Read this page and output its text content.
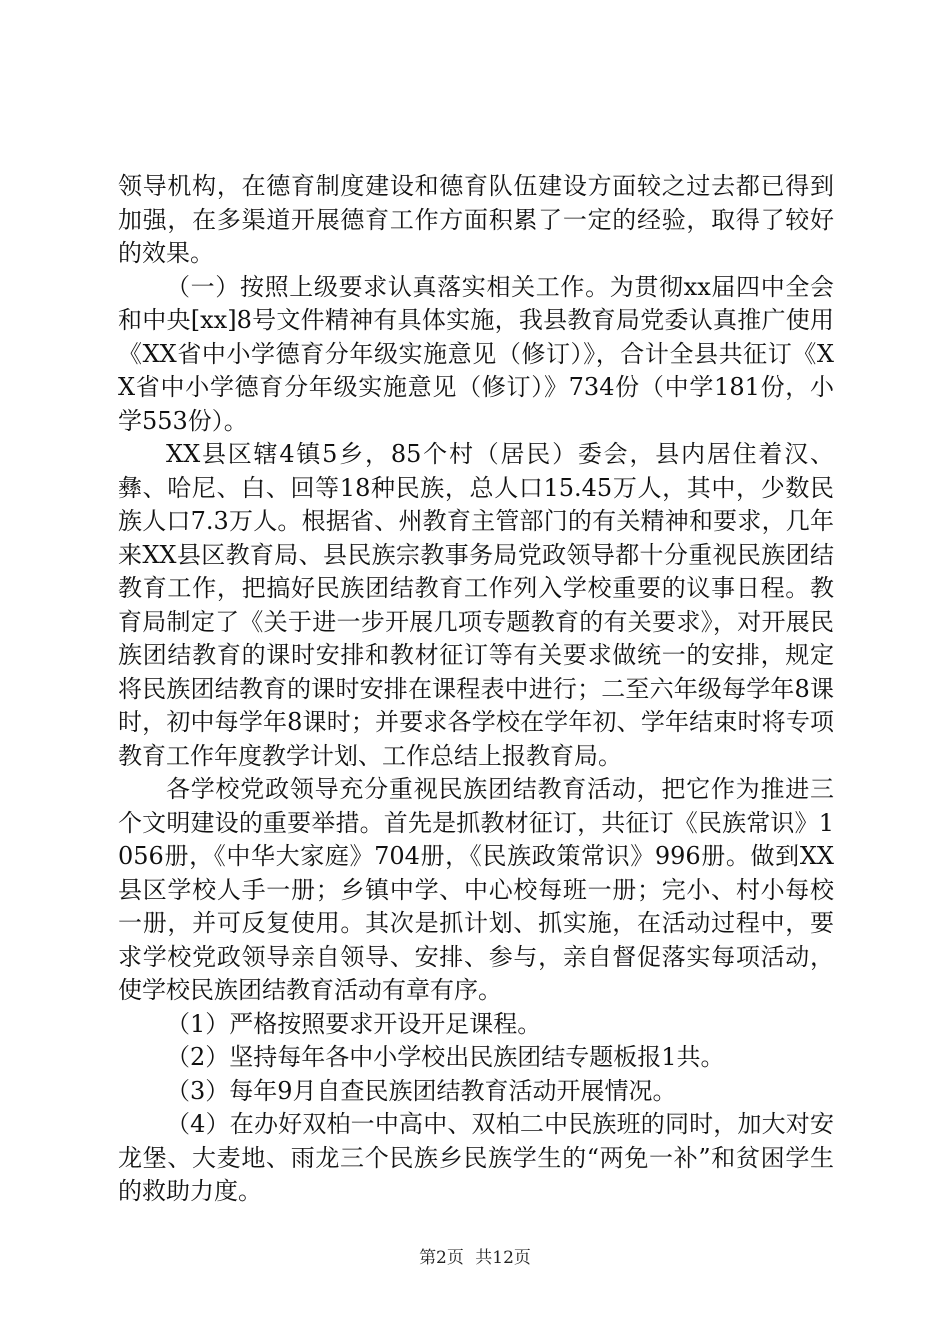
领导机构，在德育制度建设和德育队伍建设方面较之过去都已得到加强，在多渠道开展德育工作方面积累了一定的经验，取得了较好的效果。

（一）按照上级要求认真落实相关工作。为贯彻xx届四中全会和中央[xx]8号文件精神有具体实施，我县教育局党委认真推广使用《XX省中小学德育分年级实施意见（修订）》，合计全县共征订《XX省中小学德育分年级实施意见（修订）》734份（中学181份，小学553份）。

XX县区辖4镇5乡，85个村（居民）委会，县内居住着汉、彝、哈尼、白、回等18种民族，总人口15.45万人，其中，少数民族人口7.3万人。根据省、州教育主管部门的有关精神和要求，几年来XX县区教育局、县民族宗教事务局党政领导都十分重视民族团结教育工作，把搞好民族团结教育工作列入学校重要的议事日程。教育局制定了《关于进一步开展几项专题教育的有关要求》，对开展民族团结教育的课时安排和教材征订等有关要求做统一的安排，规定将民族团结教育的课时安排在课程表中进行；二至六年级每学年8课时，初中每学年8课时；并要求各学校在学年初、学年结束时将专项教育工作年度教学计划、工作总结上报教育局。

各学校党政领导充分重视民族团结教育活动，把它作为推进三个文明建设的重要举措。首先是抓教材征订，共征订《民族常识》1056册，《中华大家庭》704册，《民族政策常识》996册。做到XX县区学校人手一册；乡镇中学、中心校每班一册；完小、村小每校一册，并可反复使用。其次是抓计划、抓实施，在活动过程中，要求学校党政领导亲自领导、安排、参与，亲自督促落实每项活动，使学校民族团结教育活动有章有序。

（1）严格按照要求开设开足课程。

（2）坚持每年各中小学校出民族团结专题板报1共。

（3）每年9月自查民族团结教育活动开展情况。

（4）在办好双柏一中高中、双柏二中民族班的同时，加大对安龙堡、大麦地、雨龙三个民族乡民族学生的“两免一补”和贫困学生的救助力度。

第2页 共12页
